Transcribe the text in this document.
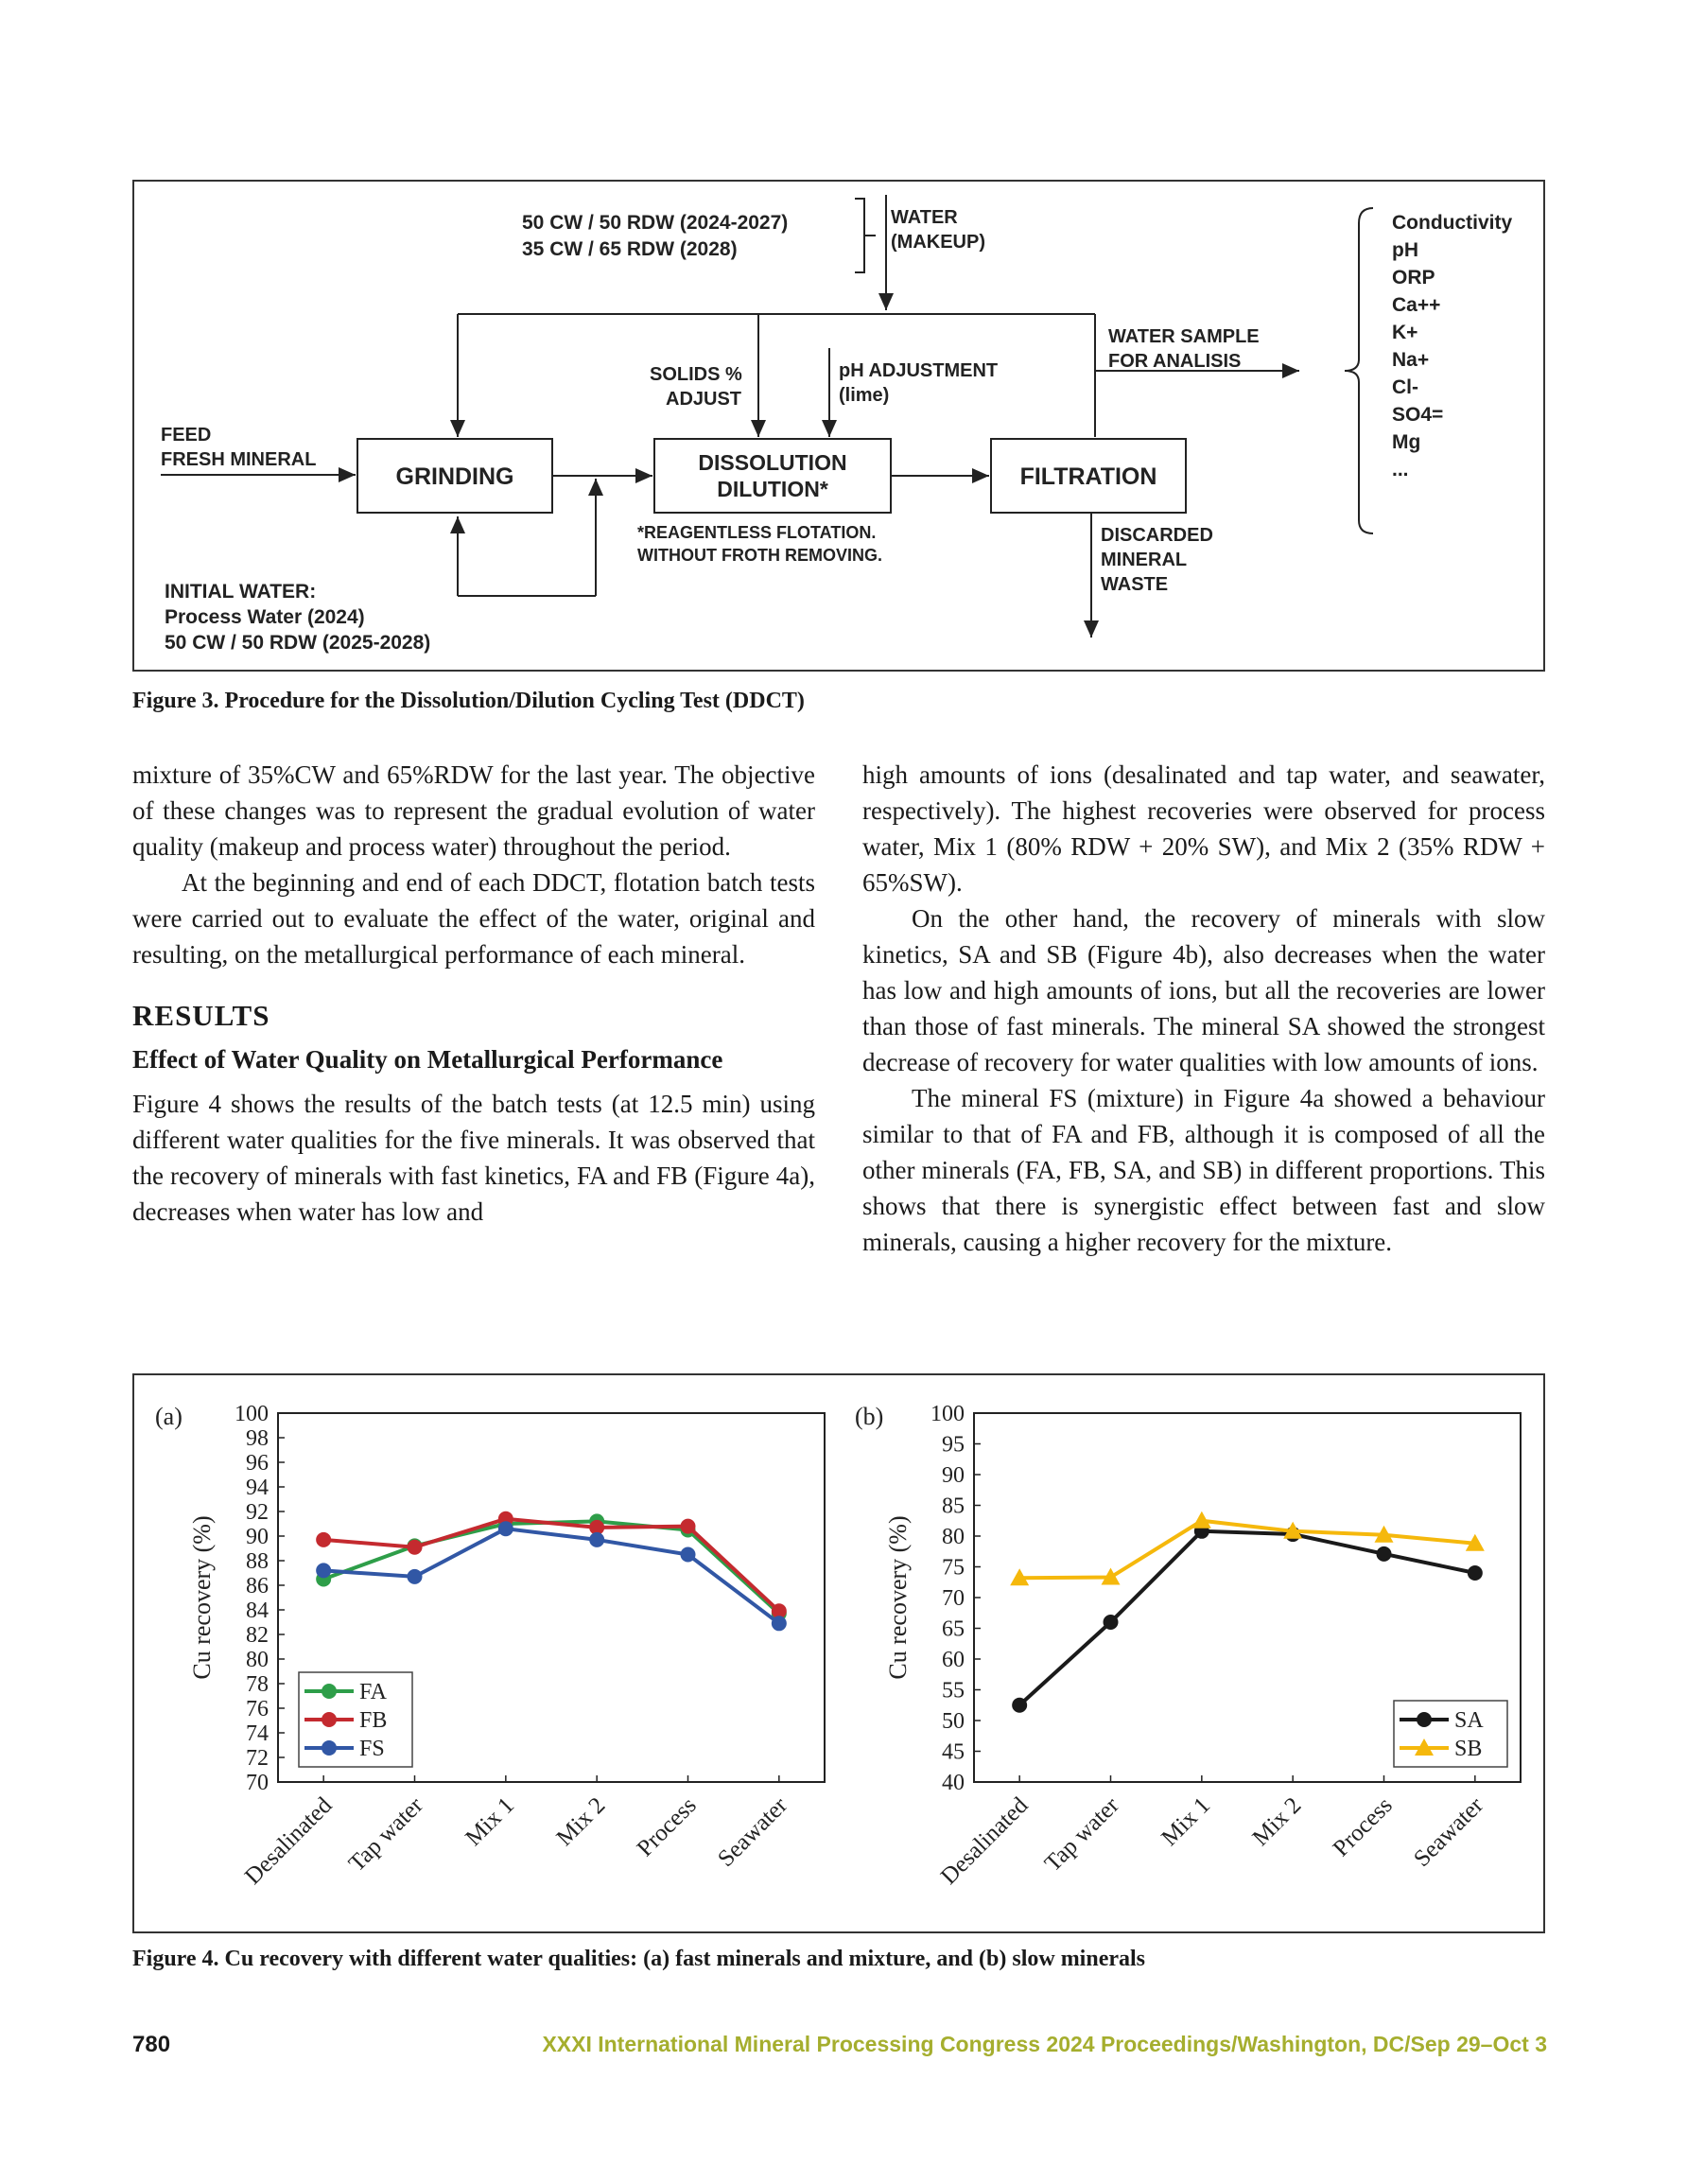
50 CW / 50 RDW (2024-2027)
35 CW / 65 RDW (2028)
WATER
(MAKEUP)
SOLIDS %
ADJUST
pH ADJUSTMENT
(lime)
WATER SAMPLE
FOR ANALISIS
Conductivity
pH
ORP
Ca++
K+
Na+
Cl-
SO4=
Mg
...
FEED
FRESH MINERAL
GRINDING
DISSOLUTION
DILUTION*	FILTRATION
*REAGENTLESS FLOTATION.
WITHOUT FROTH REMOVING.
DISCARDED
MINERAL
WASTE
INITIAL WATER:
Process Water (2024)
50 CW / 50 RDW (2025-2028)
Figure 3. Procedure for the Dissolution/Dilution Cycling Test (DDCT)

mixture of 35%CW and 65%RDW for the last year. The objective of these changes was to represent the gradual evolution of water quality (makeup and process water) throughout the period.

At the beginning and end of each DDCT, flotation batch tests were carried out to evaluate the effect of the water, original and resulting, on the metallurgical performance of each mineral.

RESULTS
Effect of Water Quality on Metallurgical Performance

Figure 4 shows the results of the batch tests (at 12.5 min) using different water qualities for the five minerals. It was observed that the recovery of minerals with fast kinetics, FA and FB (Figure 4a), decreases when water has low and

high amounts of ions (desalinated and tap water, and seawater, respectively). The highest recoveries were observed for process water, Mix 1 (80% RDW + 20% SW), and Mix 2 (35% RDW + 65%SW).

On the other hand, the recovery of minerals with slow kinetics, SA and SB (Figure 4b), also decreases when the water has low and high amounts of ions, but all the recoveries are lower than those of fast minerals. The mineral SA showed the strongest decrease of recovery for water qualities with low amounts of ions.

The mineral FS (mixture) in Figure 4a showed a behaviour similar to that of FA and FB, although it is composed of all the other minerals (FA, FB, SA, and SB) in different proportions. This shows that there is synergistic effect between fast and slow minerals, causing a higher recovery for the mixture.

(a)
70
72
74
76
78
80
82
84
86
88
90
92
94
96
98
100
Cu recovery (%)
Desalinated Tap water Mix 1 Mix 2 Process Seawater
FA
FB
FS
(b)
40
45
50
55
60
65
70
75
80
85
90
95
100
Cu recovery (%)
Desalinated Tap water Mix 1 Mix 2 Process Seawater
SA
SB
Figure 4. Cu recovery with different water qualities: (a) fast minerals and mixture, and (b) slow minerals
780	XXXI International Mineral Processing Congress 2024 Proceedings/Washington, DC/Sep 29–Oct 3
